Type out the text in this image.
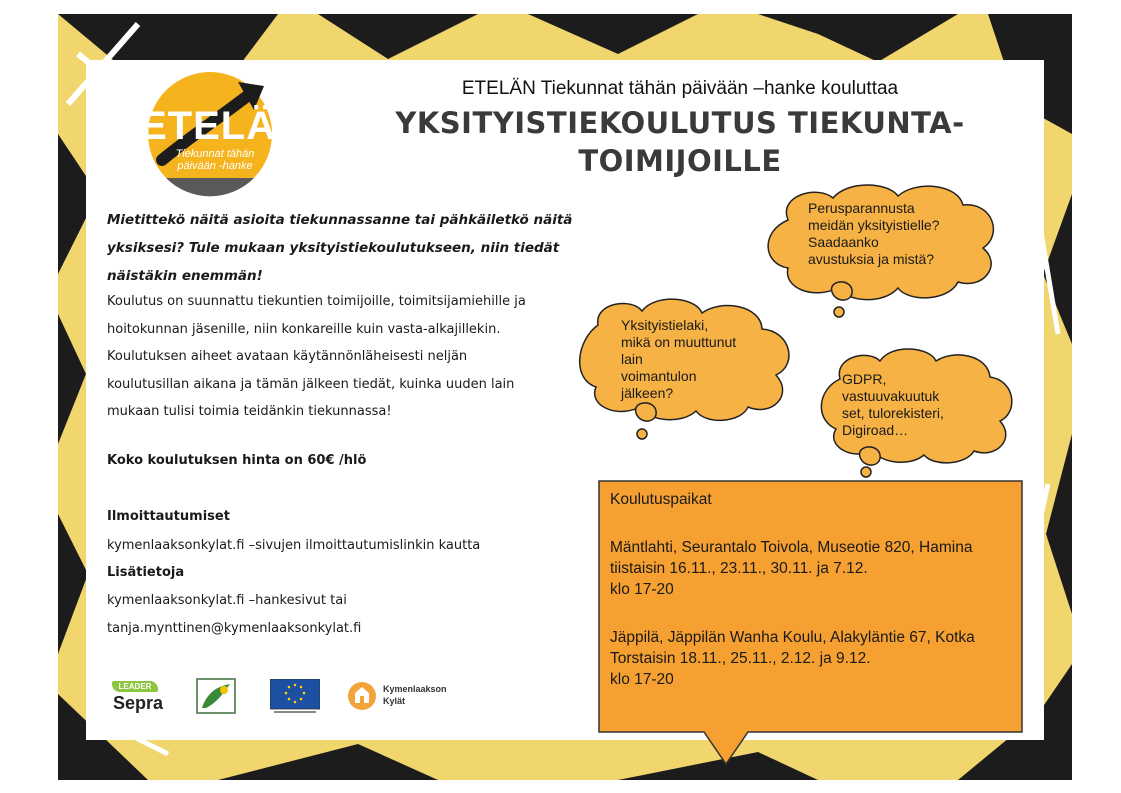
ETELÄN
Tiekunnat tähän
päivään -hanke
ETELÄN Tiekunnat tähän päivään –hanke kouluttaa
YKSITYISTIEKOULUTUS TIEKUNTA-
TOIMIJOILLE
Mietittekö näitä asioita tiekunnassanne tai pähkäiletkö näitä
yksiksesi? Tule mukaan yksityistiekoulutukseen, niin tiedät
näistäkin enemmän!
Koulutus on suunnattu tiekuntien toimijoille, toimitsijamiehille ja
hoitokunnan jäsenille, niin konkareille kuin vasta-alkajillekin.
Koulutuksen aiheet avataan käytännönläheisesti neljän
koulutusillan aikana ja tämän jälkeen tiedät, kuinka uuden lain
mukaan tulisi toimia teidänkin tiekunnassa!
Koko koulutuksen hinta on 60€ /hlö
Ilmoittautumiset
kymenlaaksonkylat.fi –sivujen ilmoittautumislinkin kautta
Lisätietoja
kymenlaaksonkylat.fi –hankesivut tai
tanja.mynttinen@kymenlaaksonkylat.fi
Perusparannusta
meidän yksityistielle?
Saadaanko
avustuksia ja mistä?
Yksityistielaki,
mikä on muuttunut
lain
voimantulon
jälkeen?
GDPR,
vastuuvakuutuk
set, tulorekisteri,
Digiroad…
Koulutuspaikat
Mäntlahti, Seurantalo Toivola, Museotie 820, Hamina
tiistaisin 16.11., 23.11., 30.11. ja 7.12.
klo 17-20
Jäppilä, Jäppilän Wanha Koulu, Alakyläntie 67, Kotka
Torstaisin 18.11., 25.11., 2.12. ja 9.12.
klo 17-20
LEADER
Sepra
Kymenlaakson
Kylät
